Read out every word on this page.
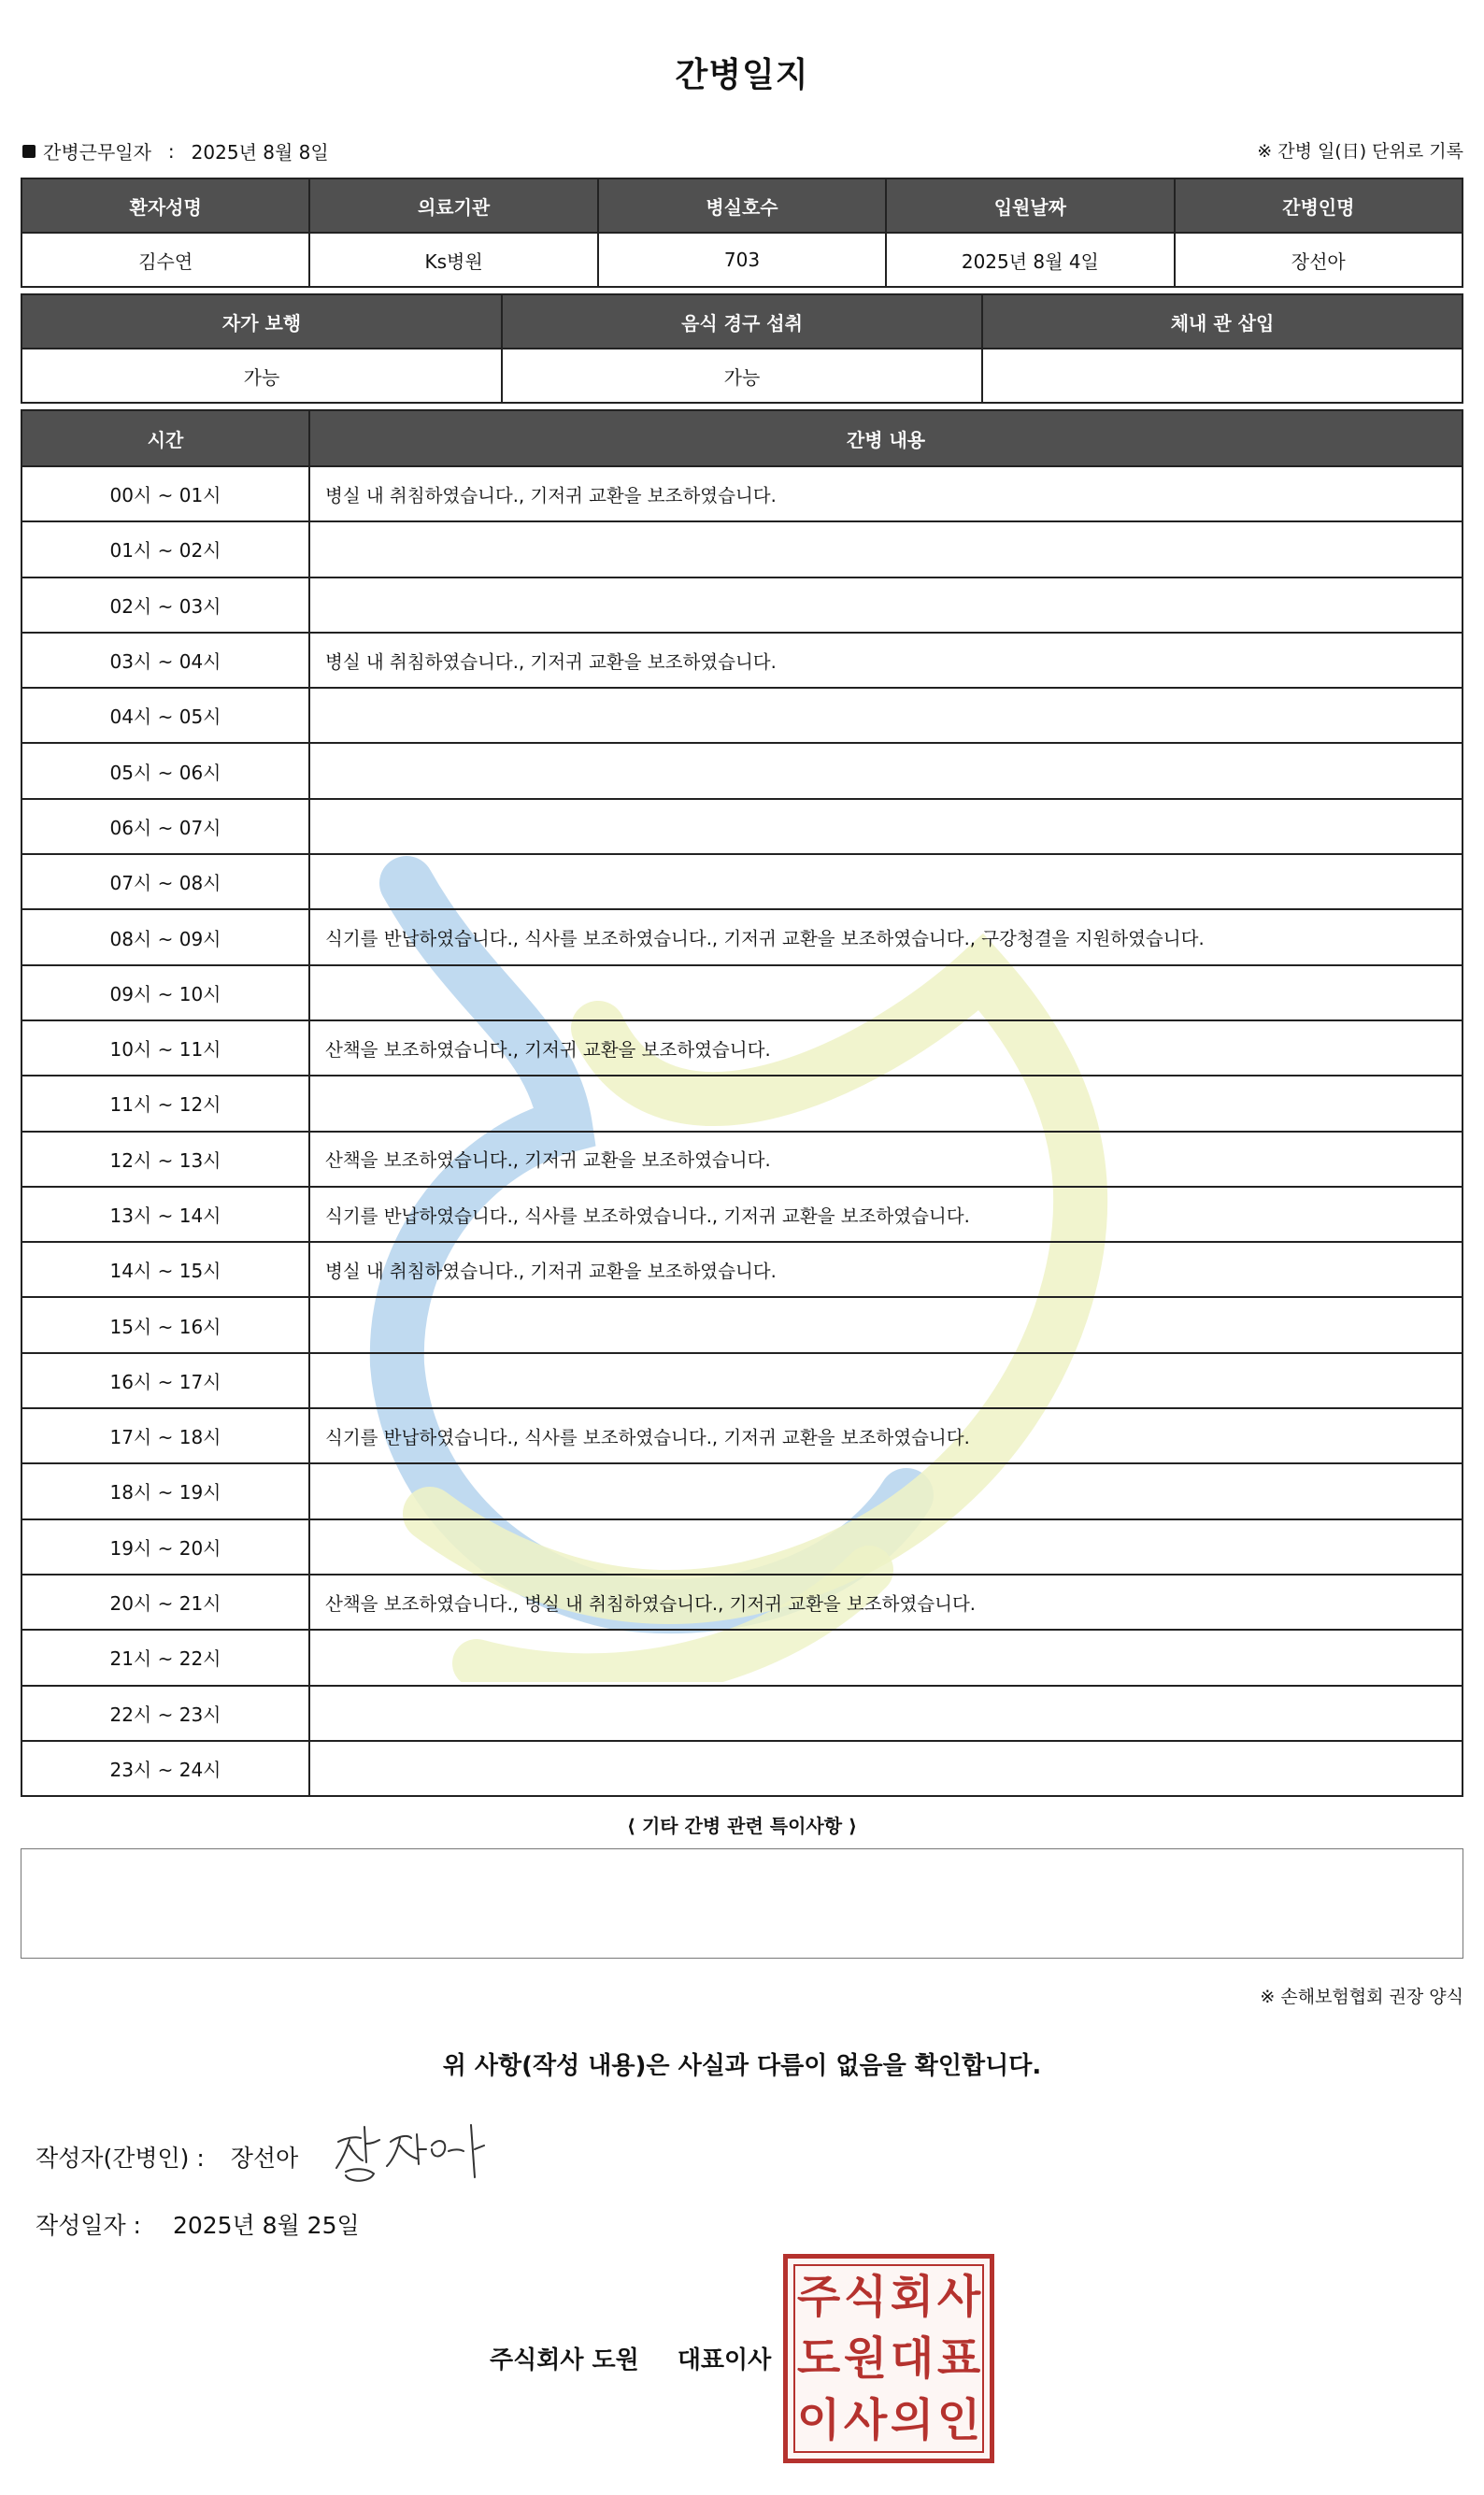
간병일지
간병근무일자 : 2025년 8월 8일	※ 간병 일(日) 단위로 기록
환자성명	의료기관	병실호수	입원날짜	간병인명
김수연	Ks병원	703	2025년 8월 4일	장선아
자가 보행	음식 경구 섭취	체내 관 삽입
가능	가능	
시간	간병 내용
00시 ~ 01시	병실 내 취침하였습니다., 기저귀 교환을 보조하였습니다.
01시 ~ 02시	
02시 ~ 03시	
03시 ~ 04시	병실 내 취침하였습니다., 기저귀 교환을 보조하였습니다.
04시 ~ 05시	
05시 ~ 06시	
06시 ~ 07시	
07시 ~ 08시	
08시 ~ 09시	식기를 반납하였습니다., 식사를 보조하였습니다., 기저귀 교환을 보조하였습니다., 구강청결을 지원하였습니다.
09시 ~ 10시	
10시 ~ 11시	산책을 보조하였습니다., 기저귀 교환을 보조하였습니다.
11시 ~ 12시	
12시 ~ 13시	산책을 보조하였습니다., 기저귀 교환을 보조하였습니다.
13시 ~ 14시	식기를 반납하였습니다., 식사를 보조하였습니다., 기저귀 교환을 보조하였습니다.
14시 ~ 15시	병실 내 취침하였습니다., 기저귀 교환을 보조하였습니다.
15시 ~ 16시	
16시 ~ 17시	
17시 ~ 18시	식기를 반납하였습니다., 식사를 보조하였습니다., 기저귀 교환을 보조하였습니다.
18시 ~ 19시	
19시 ~ 20시	
20시 ~ 21시	산책을 보조하였습니다., 병실 내 취침하였습니다., 기저귀 교환을 보조하였습니다.
21시 ~ 22시	
22시 ~ 23시	
23시 ~ 24시	
⟨ 기타 간병 관련 특이사항 ⟩
※ 손해보험협회 권장 양식
위 사항(작성 내용)은 사실과 다름이 없음을 확인합니다.
작성자(간병인) : 장선아
작성일자 : 2025년 8월 25일
주식회사 도원 대표이사
주 식 회 사
도 원 대 표
이 사 의 인
